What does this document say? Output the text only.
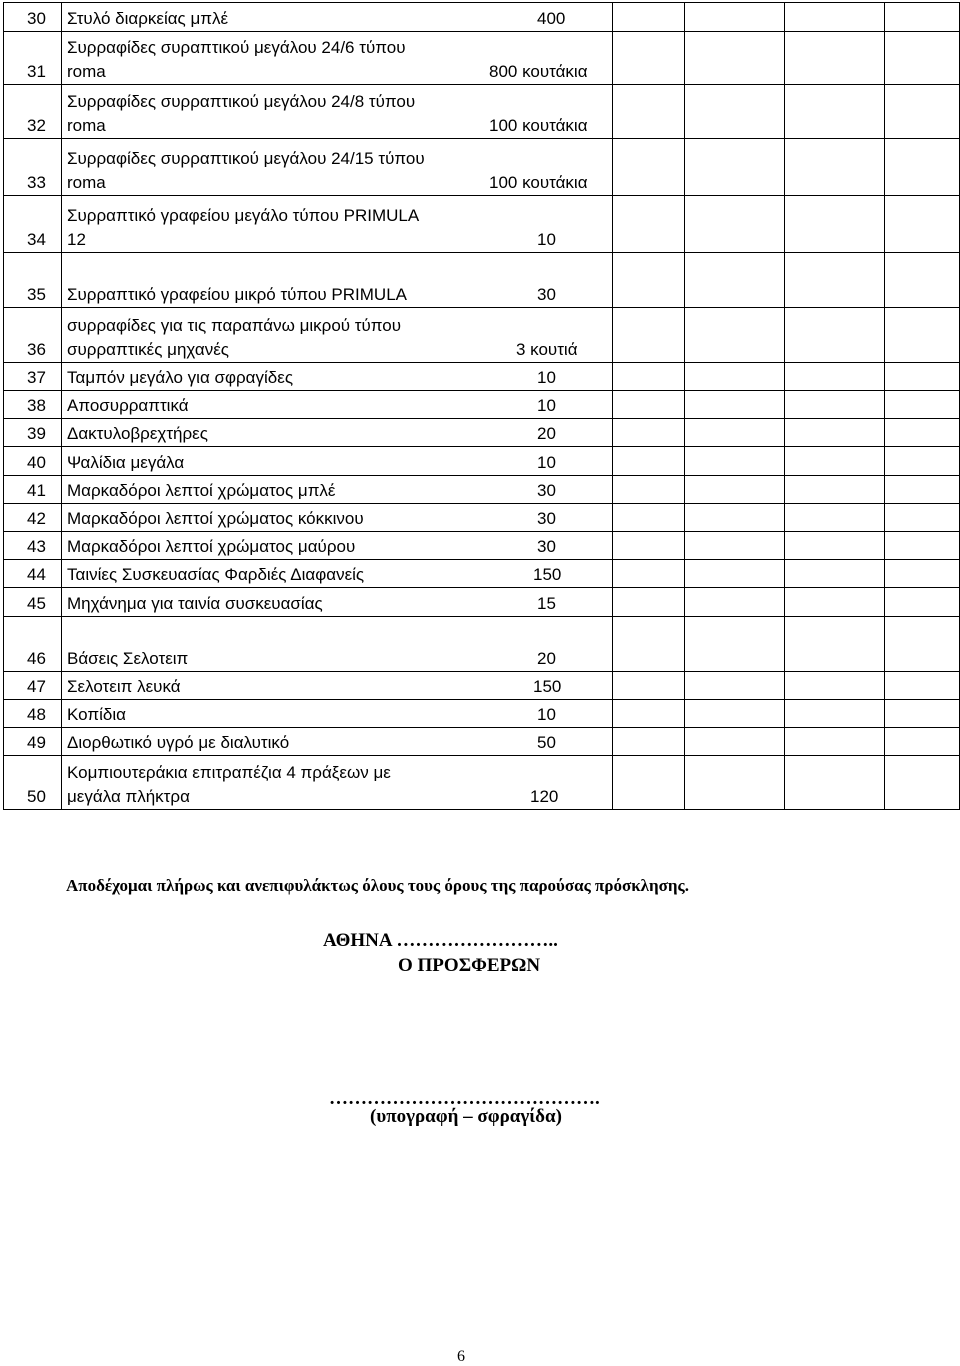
30	Στυλό διαρκείας μπλέ 400				

31	Συρραφίδες συραπτικού μεγάλου 24/6 τύπου
roma 800 κουτάκια				

32	Συρραφίδες συρραπτικού μεγάλου 24/8 τύπου
roma 100 κουτάκια				

33	Συρραφίδες συρραπτικού μεγάλου 24/15 τύπου
roma 100 κουτάκια				

34	Συρραπτικό γραφείου μεγάλο τύπου PRIMULA
12 10				

35	Συρραπτικό γραφείου μικρό τύπου PRIMULA 30				

36	συρραφίδες για τις παραπάνω μικρού τύπου
συρραπτικές μηχανές 3 κουτιά				

37	Ταμπόν μεγάλο για σφραγίδες 10				

38	Αποσυρραπτικά 10				

39	Δακτυλοβρεχτήρες 20				

40	Ψαλίδια μεγάλα 10				

41	Μαρκαδόροι λεπτοί χρώματος μπλέ 30				

42	Μαρκαδόροι λεπτοί χρώματος κόκκινου 30				

43	Μαρκαδόροι λεπτοί χρώματος μαύρου 30				

44	Ταινίες Συσκευασίας Φαρδιές Διαφανείς 150				

45	Μηχάνημα για ταινία συσκευασίας 15				

46	Βάσεις Σελοτειπ 20				

47	Σελοτειπ λευκά 150				

48	Κοπίδια 10				

49	Διορθωτικό υγρό με διαλυτικό 50				

50	Κομπιουτεράκια επιτραπέζια 4 πράξεων με
μεγάλα πλήκτρα 120				

Αποδέχομαι πλήρως και ανεπιφυλάκτως όλους τους όρους της παρούσας πρόσκλησης.
ΑΘΗΝΑ ……………………..
Ο ΠΡΟΣΦΕΡΩΝ
…………………………………….
(υπογραφή – σφραγίδα)
6
